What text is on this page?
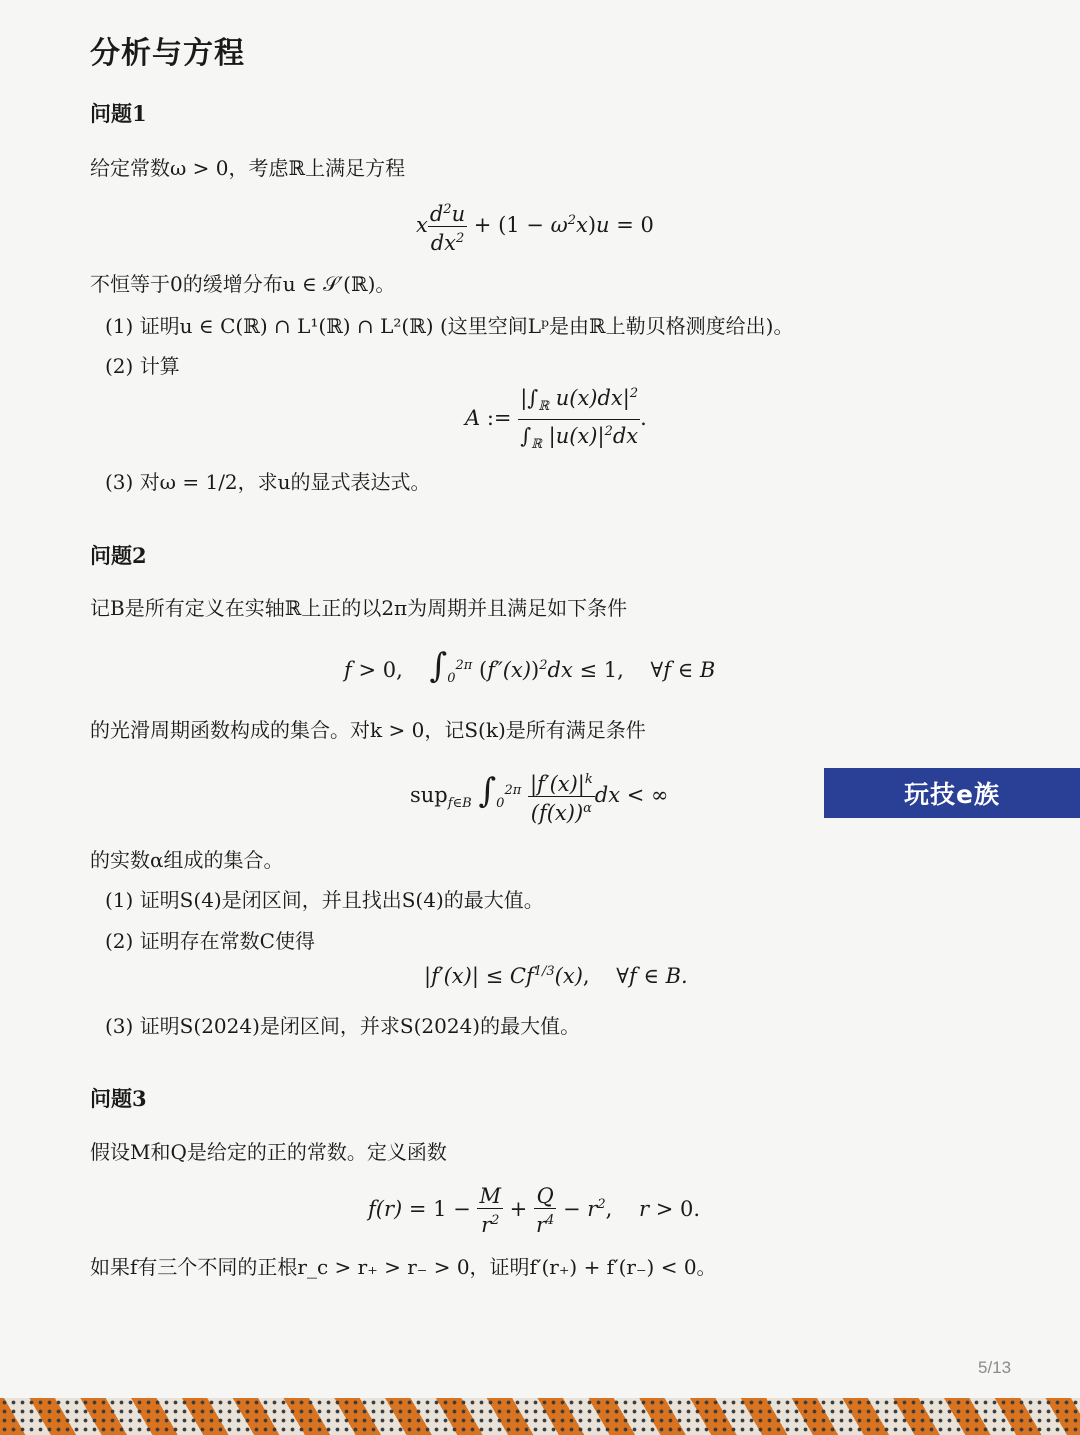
分析与方程
问题1
给定常数ω > 0，考虑ℝ上满足方程
x $\frac{d^2u}{dx^2} + (1 - \omega^2x)u = 0$
不恒等于0的缓增分布u ∈ 𝒮′(ℝ)。
(1) 证明u ∈ C(ℝ) ∩ L¹(ℝ) ∩ L²(ℝ) (这里空间Lᵖ是由ℝ上勒贝格测度给出)。
(2) 计算
A := $\frac{|\int_ℝ u(x)dx|^2}{\int_ℝ |u(x)|^2dx}$ .
(3) 对ω = 1/2，求u的显式表达式。
问题2
记B是所有定义在实轴ℝ上正的以2π为周期并且满足如下条件
f > 0, $\int_0^{2\pi}$ $(f''(x))^2dx \le 1$,    ∀f ∈ B
的光滑周期函数构成的集合。对k > 0，记S(k)是所有满足条件
sup$_{f\in B}$ $\int_0^{2\pi} \frac{|f'(x)|^k}{(f(x))^\alpha}$ dx < ∞
的实数α组成的集合。
(1) 证明S(4)是闭区间，并且找出S(4)的最大值。
(2) 证明存在常数C使得
$|f'(x)| \le Cf^{1/3}(x)$,    ∀f ∈ B.
(3) 证明S(2024)是闭区间，并求S(2024)的最大值。
问题3
假设M和Q是给定的正的常数。定义函数
$f(r) = 1 - \frac{M}{r^2} + \frac{Q}{r^4} - r^2$,    r > 0.
如果f有三个不同的正根r_c > r₊ > r₋ > 0，证明f′(r₊) + f′(r₋) < 0。
5/13
玩技e族
